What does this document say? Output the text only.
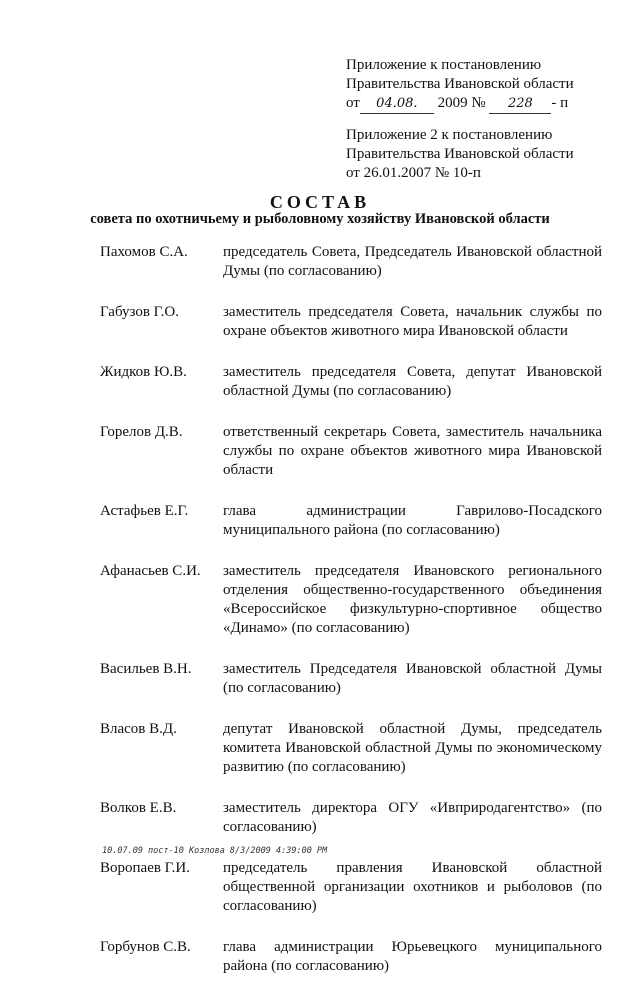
Приложение к постановлению
Правительства Ивановской области
от 04.08. 2009 № 228 - п
Приложение 2 к постановлению
Правительства Ивановской области
от 26.01.2007 № 10-п
СОСТАВ
совета по охотничьему и рыболовному хозяйству Ивановской области
Пахомов С.А.	председатель Совета, Председатель Ивановской областной Думы (по согласованию)
Габузов Г.О.	заместитель председателя Совета, начальник службы по охране объектов животного мира Ивановской области
Жидков Ю.В.	заместитель председателя Совета, депутат Ивановской областной Думы (по согласованию)
Горелов Д.В.	ответственный секретарь Совета, заместитель начальника службы по охране объектов животного мира Ивановской области
Астафьев Е.Г.	глава администрации Гаврилово-Посадского муниципального района (по согласованию)
Афанасьев С.И.	заместитель председателя Ивановского регионального отделения общественно-государственного объединения «Всероссийское физкультурно-спортивное общество «Динамо» (по согласованию)
Васильев В.Н.	заместитель Председателя Ивановской областной Думы (по согласованию)
Власов В.Д.	депутат Ивановской областной Думы, председатель комитета Ивановской областной Думы по экономическому развитию (по согласованию)
Волков Е.В.	заместитель директора ОГУ «Ивприродагентство» (по согласованию)
Воропаев Г.И.	председатель правления Ивановской областной общественной организации охотников и рыболовов (по согласованию)
Горбунов С.В.	глава администрации Юрьевецкого муниципального района (по согласованию)
10.07.09 пост-10 Козлова 8/3/2009 4:39:00 PM
